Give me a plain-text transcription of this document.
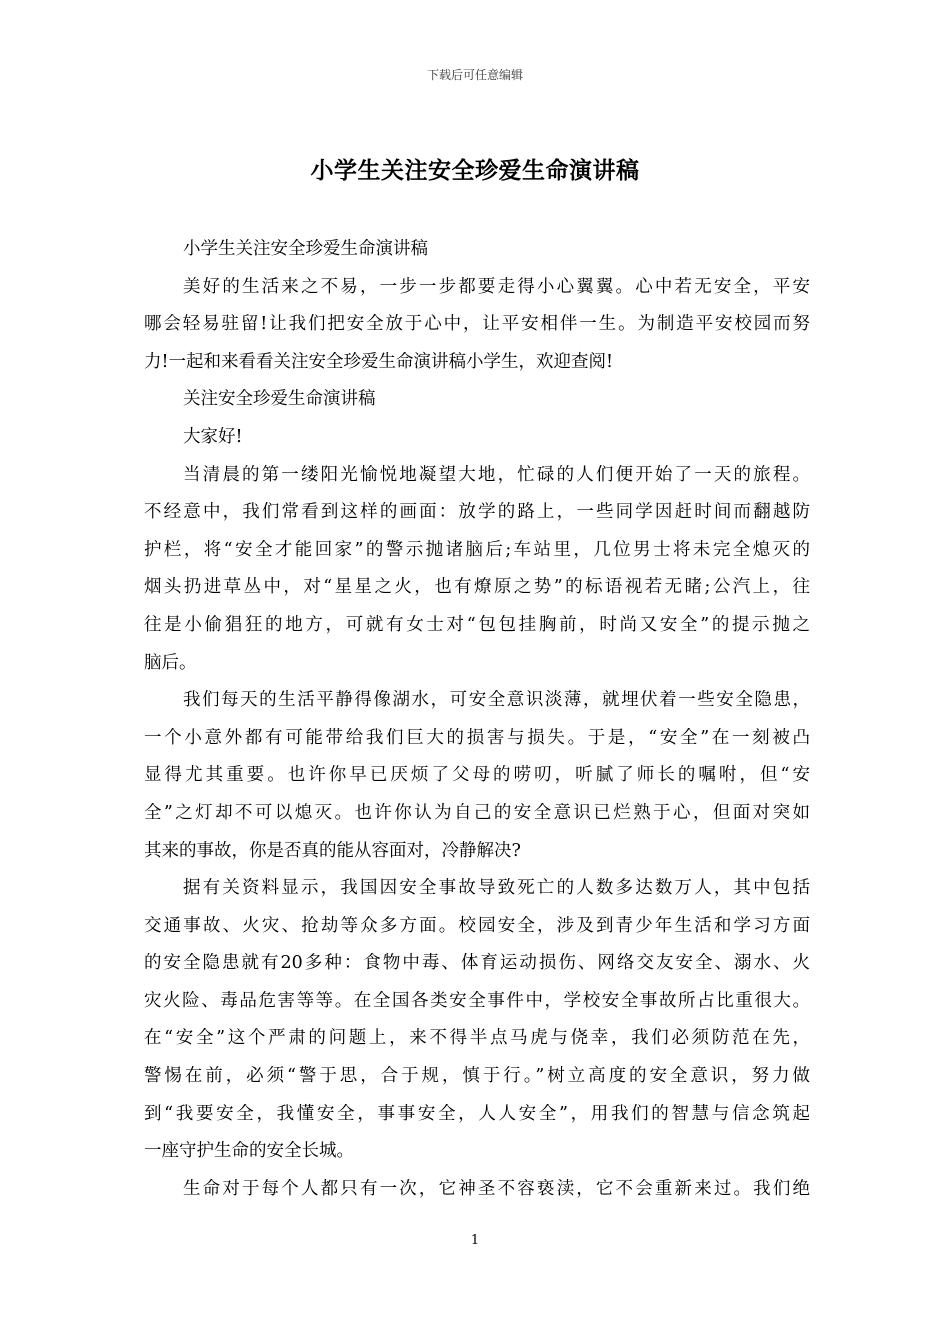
下载后可任意编辑
小学生关注安全珍爱生命演讲稿
小学生关注安全珍爱生命演讲稿
美好的生活来之不易，一步一步都要走得小心翼翼。心中若无安全，平安
哪会轻易驻留!让我们把安全放于心中，让平安相伴一生。为制造平安校园而努
力!一起和来看看关注安全珍爱生命演讲稿小学生，欢迎查阅!
关注安全珍爱生命演讲稿
大家好!
当清晨的第一缕阳光愉悦地凝望大地，忙碌的人们便开始了一天的旅程。
不经意中，我们常看到这样的画面：放学的路上，一些同学因赶时间而翻越防
护栏，将“安全才能回家”的警示抛诸脑后;车站里，几位男士将未完全熄灭的
烟头扔进草丛中，对“星星之火，也有燎原之势”的标语视若无睹;公汽上，往
往是小偷猖狂的地方，可就有女士对“包包挂胸前，时尚又安全”的提示抛之
脑后。
我们每天的生活平静得像湖水，可安全意识淡薄，就埋伏着一些安全隐患，
一个小意外都有可能带给我们巨大的损害与损失。于是，“安全”在一刻被凸
显得尤其重要。也许你早已厌烦了父母的唠叨，听腻了师长的嘱咐，但“安
全”之灯却不可以熄灭。也许你认为自己的安全意识已烂熟于心，但面对突如
其来的事故，你是否真的能从容面对，冷静解决?
据有关资料显示，我国因安全事故导致死亡的人数多达数万人，其中包括
交通事故、火灾、抢劫等众多方面。校园安全，涉及到青少年生活和学习方面
的安全隐患就有20多种：食物中毒、体育运动损伤、网络交友安全、溺水、火
灾火险、毒品危害等等。在全国各类安全事件中，学校安全事故所占比重很大。
在“安全”这个严肃的问题上，来不得半点马虎与侥幸，我们必须防范在先，
警惕在前，必须“警于思，合于规，慎于行。”树立高度的安全意识，努力做
到“我要安全，我懂安全，事事安全，人人安全”，用我们的智慧与信念筑起
一座守护生命的安全长城。
生命对于每个人都只有一次，它神圣不容亵渎，它不会重新来过。我们绝
1
